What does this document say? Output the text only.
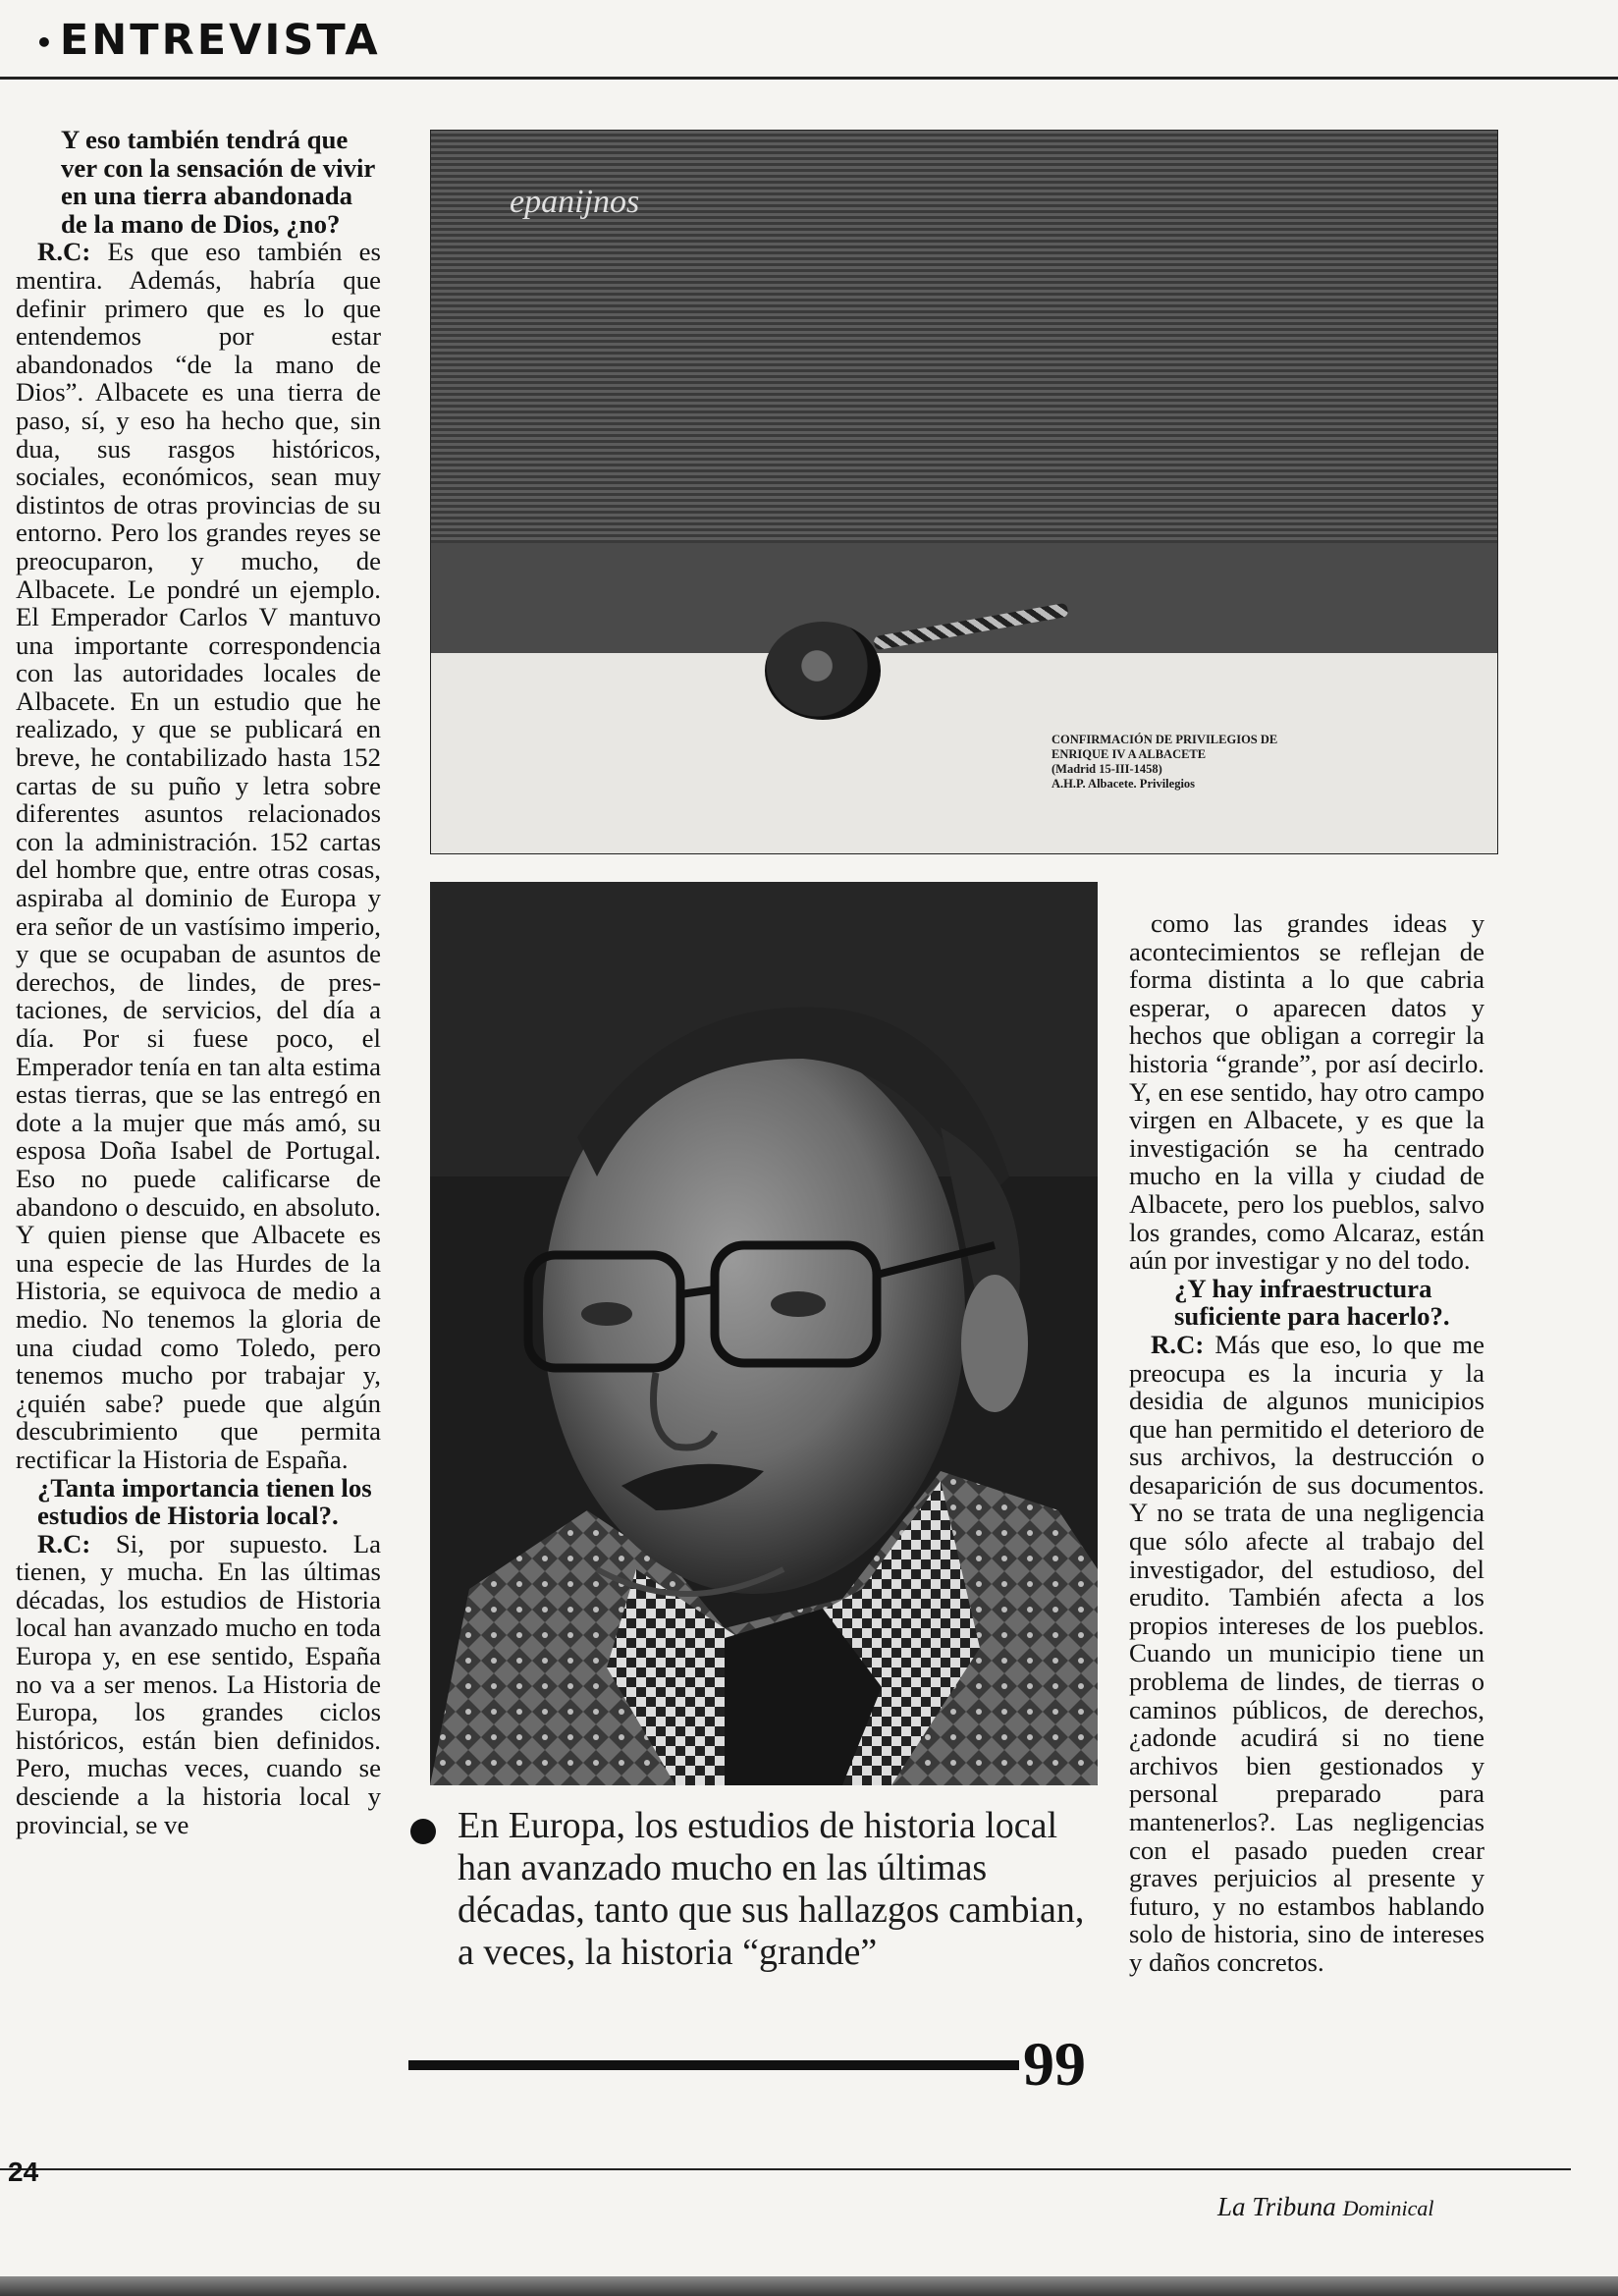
•ENTREVISTA

Y eso también tendrá que ver con la sensación de vivir en una tierra abandonada de la mano de Dios, ¿no?

R.C: Es que eso también es mentira. Además, habría que definir primero que es lo que entendemos por estar abandonados “de la mano de Dios”. Albacete es una tierra de paso, sí, y eso ha hecho que, sin dua, sus rasgos históricos, sociales, económicos, sean muy distintos de otras provincias de su entorno. Pero los grandes reyes se preocuparon, y mucho, de Albacete. Le pondré un ejemplo. El Emperador Carlos V mantuvo una importante correspondencia con las autoridades locales de Albacete. En un estudio que he realizado, y que se publicará en breve, he contabilizado hasta 152 cartas de su puño y letra sobre diferentes asuntos relacionados con la administración. 152 cartas del hombre que, entre otras cosas, aspiraba al dominio de Europa y era señor de un vastísimo imperio, y que se ocupaban de asuntos de derechos, de lindes, de prestaciones, de servicios, del día a día. Por si fuese poco, el Emperador tenía en tan alta estima estas tierras, que se las entregó en dote a la mujer que más amó, su esposa Doña Isabel de Portugal. Eso no puede calificarse de abandono o descuido, en absoluto. Y quien piense que Albacete es una especie de las Hurdes de la Historia, se equivoca de medio a medio. No tenemos la gloria de una ciudad como Toledo, pero tenemos mucho por trabajar y, ¿quién sabe? puede que algún descubrimiento que permita rectificar la Historia de España.

¿Tanta importancia tienen los estudios de Historia local?.

R.C: Si, por supuesto. La tienen, y mucha. En las últimas décadas, los estudios de Historia local han avanzado mucho en toda Europa y, en ese sentido, España no va a ser menos. La Historia de Europa, los grandes ciclos históricos, están bien definidos. Pero, muchas veces, cuando se desciende a la historia local y provincial, se ve

epanijnos
CONFIRMACIÓN DE PRIVILEGIOS DE
ENRIQUE IV A ALBACETE
(Madrid 15-III-1458)
A.H.P. Albacete. Privilegios
En Europa, los estudios de historia local han avanzado mucho en las últimas décadas, tanto que sus hallazgos cambian, a veces, la historia “grande”
99

como las grandes ideas y acontecimientos se reflejan de forma distinta a lo que cabria esperar, o aparecen datos y hechos que obligan a corregir la historia “grande”, por así decirlo. Y, en ese sentido, hay otro campo virgen en Albacete, y es que la investigación se ha centrado mucho en la villa y ciudad de Albacete, pero los pueblos, salvo los grandes, como Alcaraz, están aún por investigar y no del todo.

¿Y hay infraestructura suficiente para hacerlo?.

R.C: Más que eso, lo que me preocupa es la incuria y la desidia de algunos municipios que han permitido el deterioro de sus archivos, la destrucción o desaparición de sus documentos. Y no se trata de una negligencia que sólo afecte al trabajo del investigador, del estudioso, del erudito. También afecta a los propios intereses de los pueblos. Cuando un municipio tiene un problema de lindes, de tierras o caminos públicos, de derechos, ¿adonde acudirá si no tiene archivos bien gestionados y personal preparado para mantenerlos?. Las negligencias con el pasado pueden crear graves perjuicios al presente y futuro, y no estambos hablando solo de historia, sino de intereses y daños concretos.

24
La Tribuna Dominical
